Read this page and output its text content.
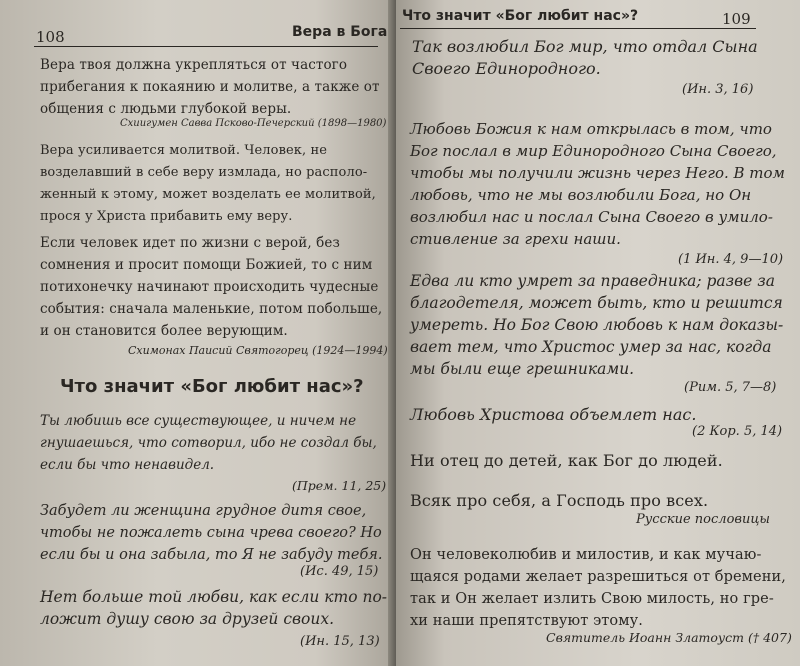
108	Вера в Бога
Вера твоя должна укрепляться от частого
прибегания к покаянию и молитве, а также от
общения с людьми глубокой веры.
Схиигумен Савва Псково-Печерский (1898—1980)
Вера усиливается молитвой. Человек, не
возделавший в себе веру измлада, но располо-
женный к этому, может возделать ее молитвой,
прося у Христа прибавить ему веру.
Если человек идет по жизни с верой, без
сомнения и просит помощи Божией, то с ним
потихонечку начинают происходить чудесные
события: сначала маленькие, потом побольше,
и он становится более верующим.
Схимонах Паисий Святогорец (1924—1994)
Что значит «Бог любит нас»?
Ты любишь все существующее, и ничем не
гнушаешься, что сотворил, ибо не создал бы,
если бы что ненавидел.
(Прем. 11, 25)
Забудет ли женщина грудное дитя свое,
чтобы не пожалеть сына чрева своего? Но
если бы и она забыла, то Я не забуду тебя.
(Ис. 49, 15)
Нет больше той любви, как если кто по-
ложит душу свою за друзей своих.
(Ин. 15, 13)
Что значит «Бог любит нас»?	109
Так возлюбил Бог мир, что отдал Сына
Своего Единородного.
(Ин. 3, 16)
Любовь Божия к нам открылась в том, что
Бог послал в мир Единородного Сына Своего,
чтобы мы получили жизнь через Него. В том
любовь, что не мы возлюбили Бога, но Он
возлюбил нас и послал Сына Своего в умило-
стивление за грехи наши.
(1 Ин. 4, 9—10)
Едва ли кто умрет за праведника; разве за
благодетеля, может быть, кто и решится
умереть. Но Бог Свою любовь к нам доказы-
вает тем, что Христос умер за нас, когда
мы были еще грешниками.
(Рим. 5, 7—8)
Любовь Христова объемлет нас.
(2 Кор. 5, 14)
Ни отец до детей, как Бог до людей.
Всяк про себя, а Господь про всех.
Русские пословицы
Он человеколюбив и милостив, и как мучаю-
щаяся родами желает разрешиться от бремени,
так и Он желает излить Свою милость, но гре-
хи наши препятствуют этому.
Святитель Иоанн Златоуст († 407)
